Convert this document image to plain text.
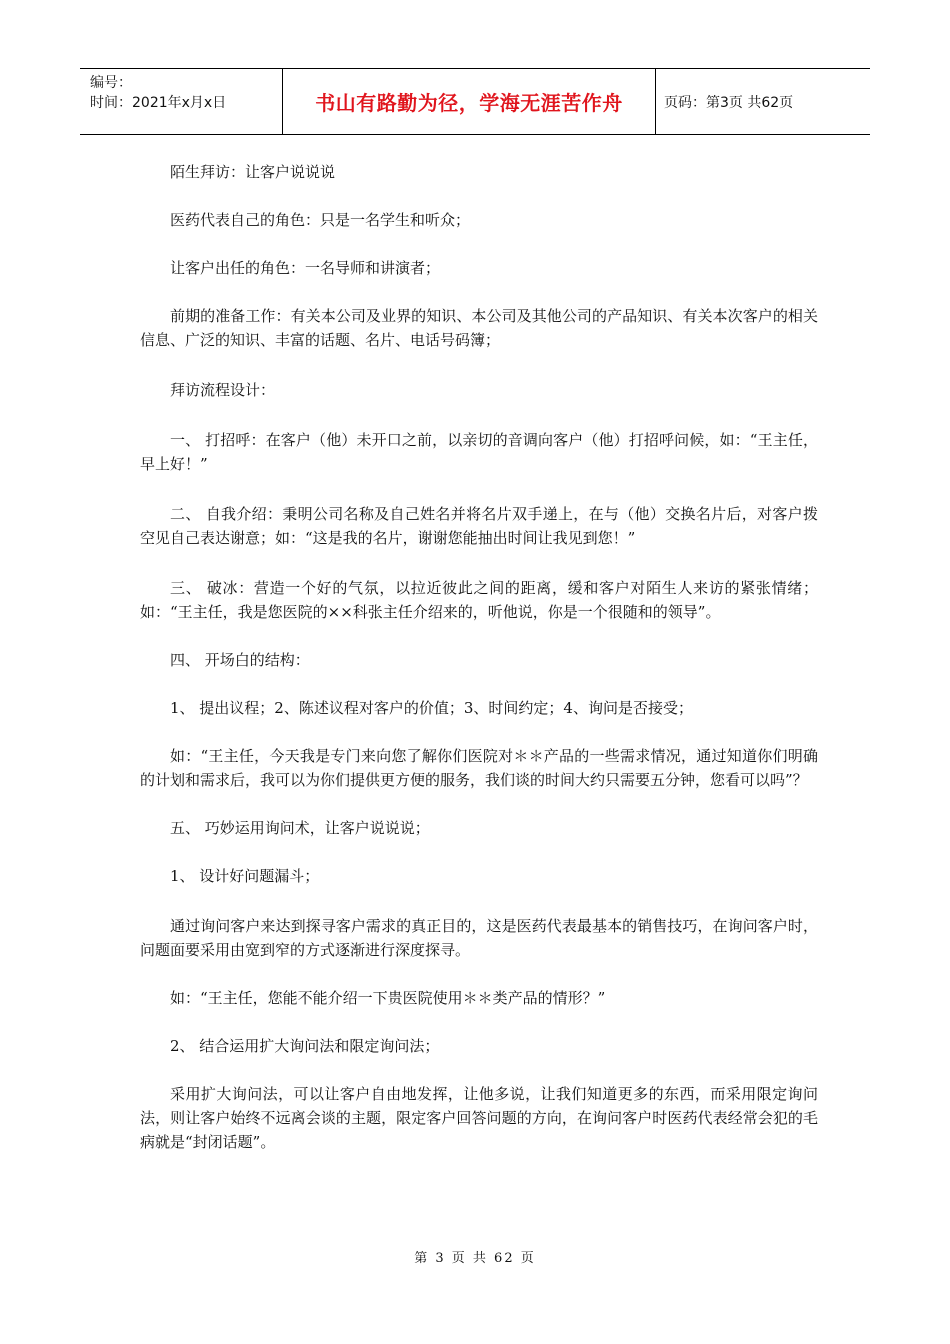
编号：
时间：2021年x月x日	书山有路勤为径，学海无涯苦作舟	页码：第3页 共62页

陌生拜访：让客户说说说

医药代表自己的角色：只是一名学生和听众；

让客户出任的角色：一名导师和讲演者；

前期的准备工作：有关本公司及业界的知识、本公司及其他公司的产品知识、有关本次客户的相关信息、广泛的知识、丰富的话题、名片、电话号码簿；

拜访流程设计：

一、 打招呼：在客户（他）未开口之前，以亲切的音调向客户（他）打招呼问候，如：“王主任，早上好！”

二、 自我介绍：秉明公司名称及自己姓名并将名片双手递上，在与（他）交换名片后，对客户拨空见自己表达谢意；如：“这是我的名片，谢谢您能抽出时间让我见到您！”

三、 破冰：营造一个好的气氛，以拉近彼此之间的距离，缓和客户对陌生人来访的紧张情绪；如：“王主任，我是您医院的××科张主任介绍来的，听他说，你是一个很随和的领导”。

四、 开场白的结构：

1、 提出议程；2、陈述议程对客户的价值；3、时间约定；4、询问是否接受；

如：“王主任，今天我是专门来向您了解你们医院对＊＊产品的一些需求情况，通过知道你们明确的计划和需求后，我可以为你们提供更方便的服务，我们谈的时间大约只需要五分钟，您看可以吗”？

五、 巧妙运用询问术，让客户说说说；

1、 设计好问题漏斗；

通过询问客户来达到探寻客户需求的真正目的，这是医药代表最基本的销售技巧，在询问客户时，问题面要采用由宽到窄的方式逐渐进行深度探寻。

如：“王主任，您能不能介绍一下贵医院使用＊＊类产品的情形？”

2、 结合运用扩大询问法和限定询问法；

采用扩大询问法，可以让客户自由地发挥，让他多说，让我们知道更多的东西，而采用限定询问法，则让客户始终不远离会谈的主题，限定客户回答问题的方向，在询问客户时医药代表经常会犯的毛病就是“封闭话题”。

第 3 页 共 62 页
